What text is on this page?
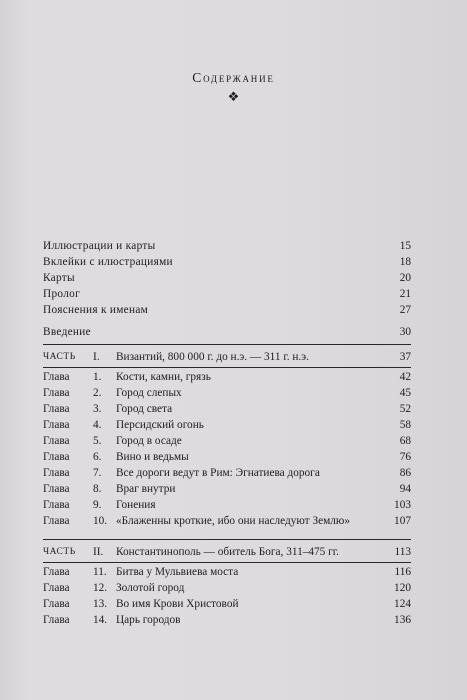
Содержание
❖
Иллюстрации и карты	15
Вклейки с илюстрациями	18
Карты	20
Пролог	21
Пояснения к именам	27
Введение	30
ЧАСТЬ I. Византий, 800 000 г. до н.э. — 311 г. н.э.	37
Глава 1. Кости, камни, грязь	42
Глава 2. Город слепых	45
Глава 3. Город света	52
Глава 4. Персидский огонь	58
Глава 5. Город в осаде	68
Глава 6. Вино и ведьмы	76
Глава 7. Все дороги ведут в Рим: Эгнатиева дорога	86
Глава 8. Враг внутри	94
Глава 9. Гонения	103
Глава 10. «Блаженны кроткие, ибо они наследуют Землю»	107
ЧАСТЬ II. Константинополь — обитель Бога, 311–475 гг.	113
Глава 11. Битва у Мульвиева моста	116
Глава 12. Золотой город	120
Глава 13. Во имя Крови Христовой	124
Глава 14. Царь городов	136
